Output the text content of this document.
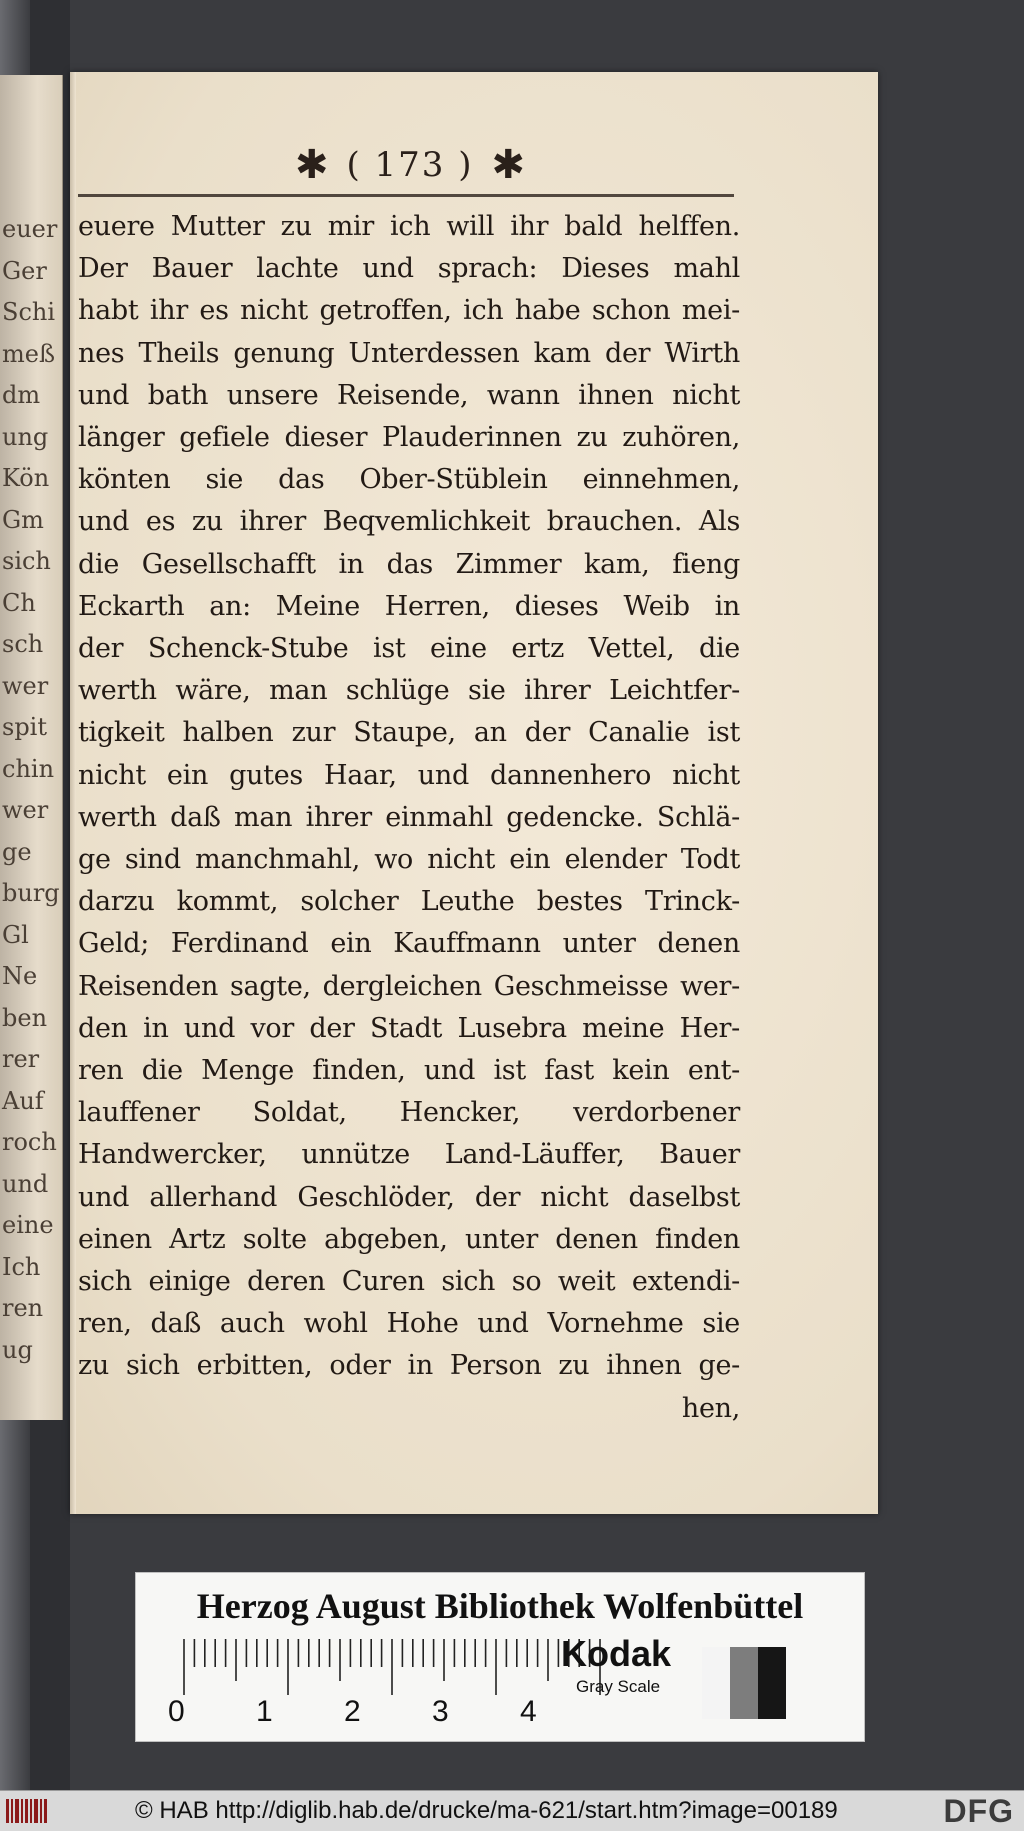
euer
Ger
Schi
meß
dm
ung
Kön
Gm
sich
Ch
sch
wer
spit
chin
wer
ge
burg
Gl
Ne
ben
rer
Auf
roch
und
eine
Ich
ren
ug
✱ ( 173 ) ✱
euere Mutter zu mir ich will ihr bald helffen.
Der Bauer lachte und sprach: Dieses mahl
habt ihr es nicht getroffen, ich habe schon mei-
nes Theils genung Unterdessen kam der Wirth
und bath unsere Reisende, wann ihnen nicht
länger gefiele dieser Plauderinnen zu zuhören,
könten sie das Ober-Stüblein einnehmen,
und es zu ihrer Beqvemlichkeit brauchen. Als
die Gesellschafft in das Zimmer kam, fieng
Eckarth an: Meine Herren, dieses Weib in
der Schenck-Stube ist eine ertz Vettel, die
werth wäre, man schlüge sie ihrer Leichtfer-
tigkeit halben zur Staupe, an der Canalie ist
nicht ein gutes Haar, und dannenhero nicht
werth daß man ihrer einmahl gedencke. Schlä-
ge sind manchmahl, wo nicht ein elender Todt
darzu kommt, solcher Leuthe bestes Trinck-
Geld; Ferdinand ein Kauffmann unter denen
Reisenden sagte, dergleichen Geschmeisse wer-
den in und vor der Stadt Lusebra meine Her-
ren die Menge finden, und ist fast kein ent-
lauffener Soldat, Hencker, verdorbener
Handwercker, unnütze Land-Läuffer, Bauer
und allerhand Geschlöder, der nicht daselbst
einen Artz solte abgeben, unter denen finden
sich einige deren Curen sich so weit extendi-
ren, daß auch wohl Hohe und Vornehme sie
zu sich erbitten, oder in Person zu ihnen ge-
hen,
Herzog August Bibliothek Wolfenbüttel
0 1 2 3 4
Kodak
Gray Scale
© HAB http://diglib.hab.de/drucke/ma-621/start.htm?image=00189	DFG
